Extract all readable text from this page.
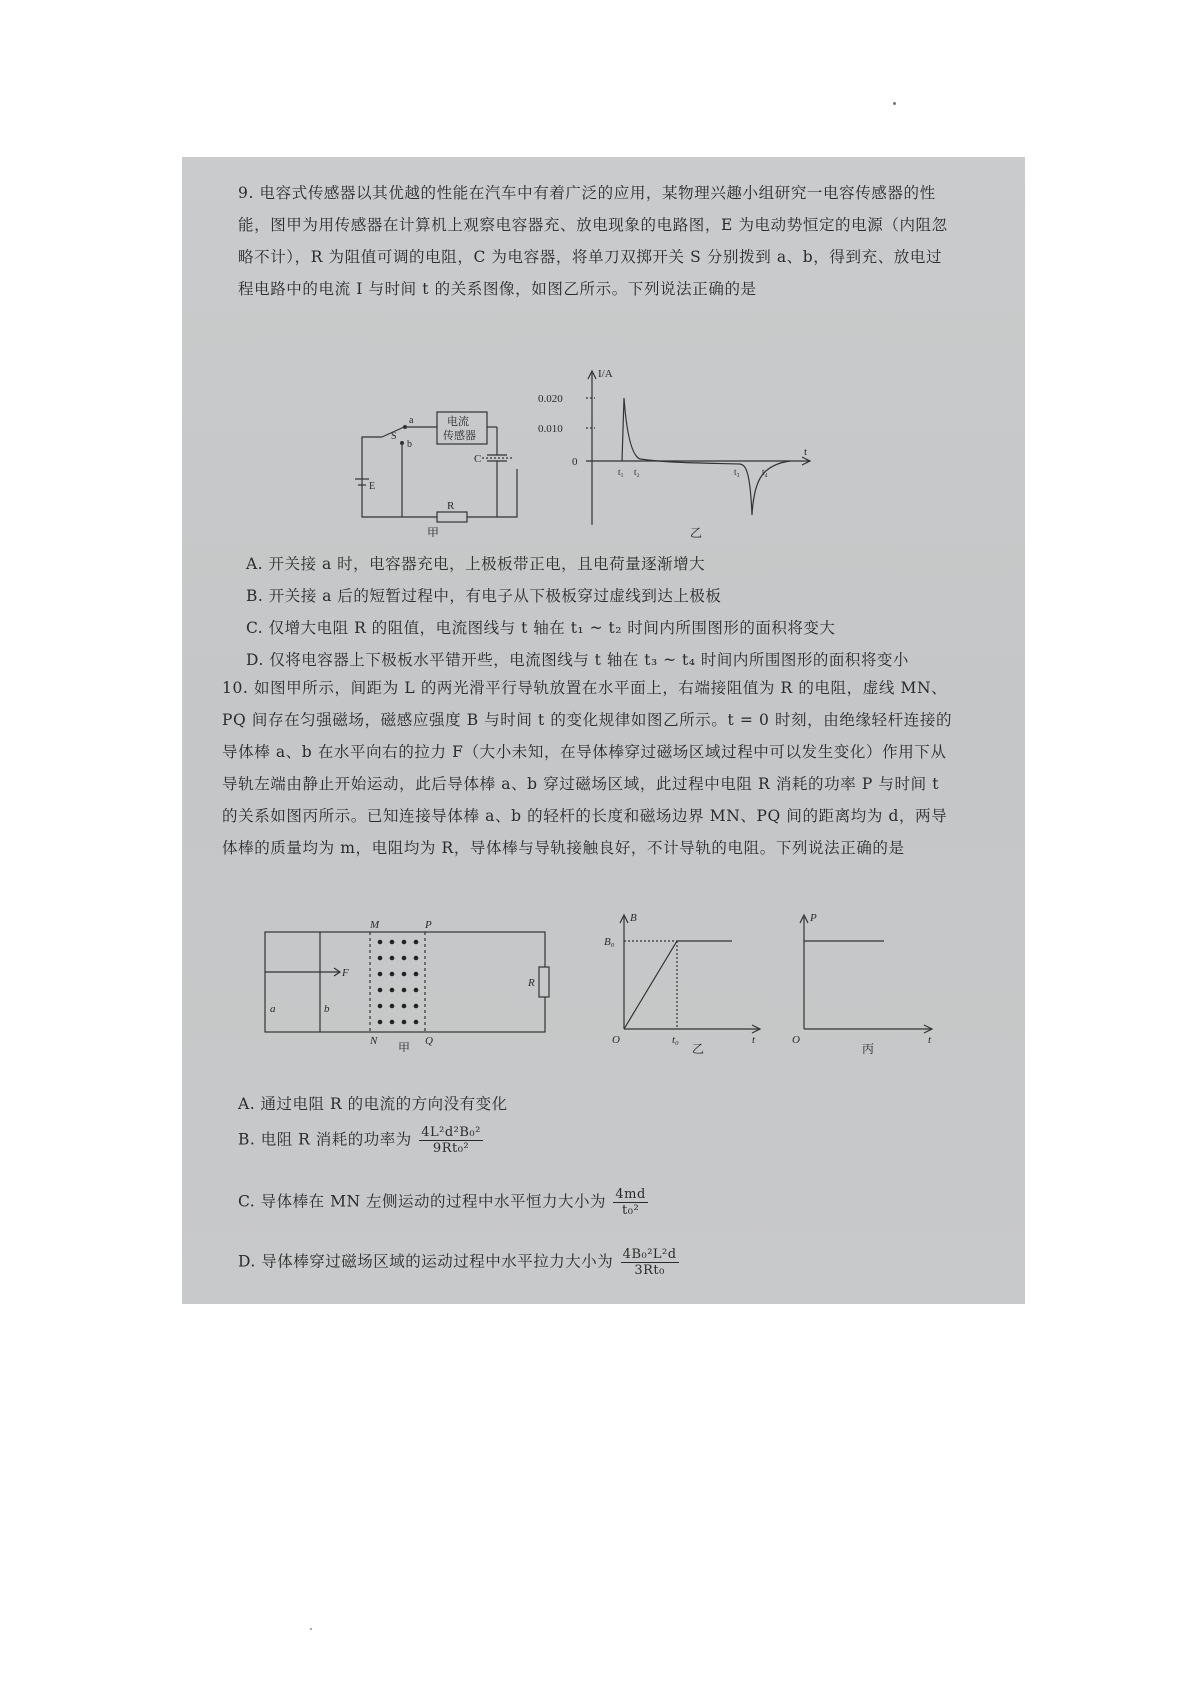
9. 电容式传感器以其优越的性能在汽车中有着广泛的应用，某物理兴趣小组研究一电容传感器的性能，图甲为用传感器在计算机上观察电容器充、放电现象的电路图，E 为电动势恒定的电源（内阻忽略不计），R 为阻值可调的电阻，C 为电容器，将单刀双掷开关 S 分别拨到 a、b，得到充、放电过程电路中的电流 I 与时间 t 的关系图像，如图乙所示。下列说法正确的是
a
b
S
电流
传感器
C
E
R
甲
I/A
0.020
0.010
0
t
t₁ t₂	t₃ t₄
乙
A. 开关接 a 时，电容器充电，上极板带正电，且电荷量逐渐增大
B. 开关接 a 后的短暂过程中，有电子从下极板穿过虚线到达上极板
C. 仅增大电阻 R 的阻值，电流图线与 t 轴在 t₁ ~ t₂ 时间内所围图形的面积将变大
D. 仅将电容器上下极板水平错开些，电流图线与 t 轴在 t₃ ~ t₄ 时间内所围图形的面积将变小
10. 如图甲所示，间距为 L 的两光滑平行导轨放置在水平面上，右端接阻值为 R 的电阻，虚线 MN、PQ 间存在匀强磁场，磁感应强度 B 与时间 t 的变化规律如图乙所示。t = 0 时刻，由绝缘轻杆连接的导体棒 a、b 在水平向右的拉力 F（大小未知，在导体棒穿过磁场区域过程中可以发生变化）作用下从导轨左端由静止开始运动，此后导体棒 a、b 穿过磁场区域，此过程中电阻 R 消耗的功率 P 与时间 t 的关系如图丙所示。已知连接导体棒 a、b 的轻杆的长度和磁场边界 MN、PQ 间的距离均为 d，两导体棒的质量均为 m，电阻均为 R，导体棒与导轨接触良好，不计导轨的电阻。下列说法正确的是
M	P
N	Q
a	b
F
R
甲
B
B₀
O	t₀	t
乙
P
O	t
丙
A. 通过电阻 R 的电流的方向没有变化
B. 电阻 R 消耗的功率为 $\frac{\text{4L²d²B₀²}}{\text{9Rt₀²}}$
C. 导体棒在 MN 左侧运动的过程中水平恒力大小为 $\frac{4md}{\text{t₀²}}$
D. 导体棒穿过磁场区域的运动过程中水平拉力大小为 $\frac{\text{4B₀²L²d}}{\text{3Rt₀}}$
